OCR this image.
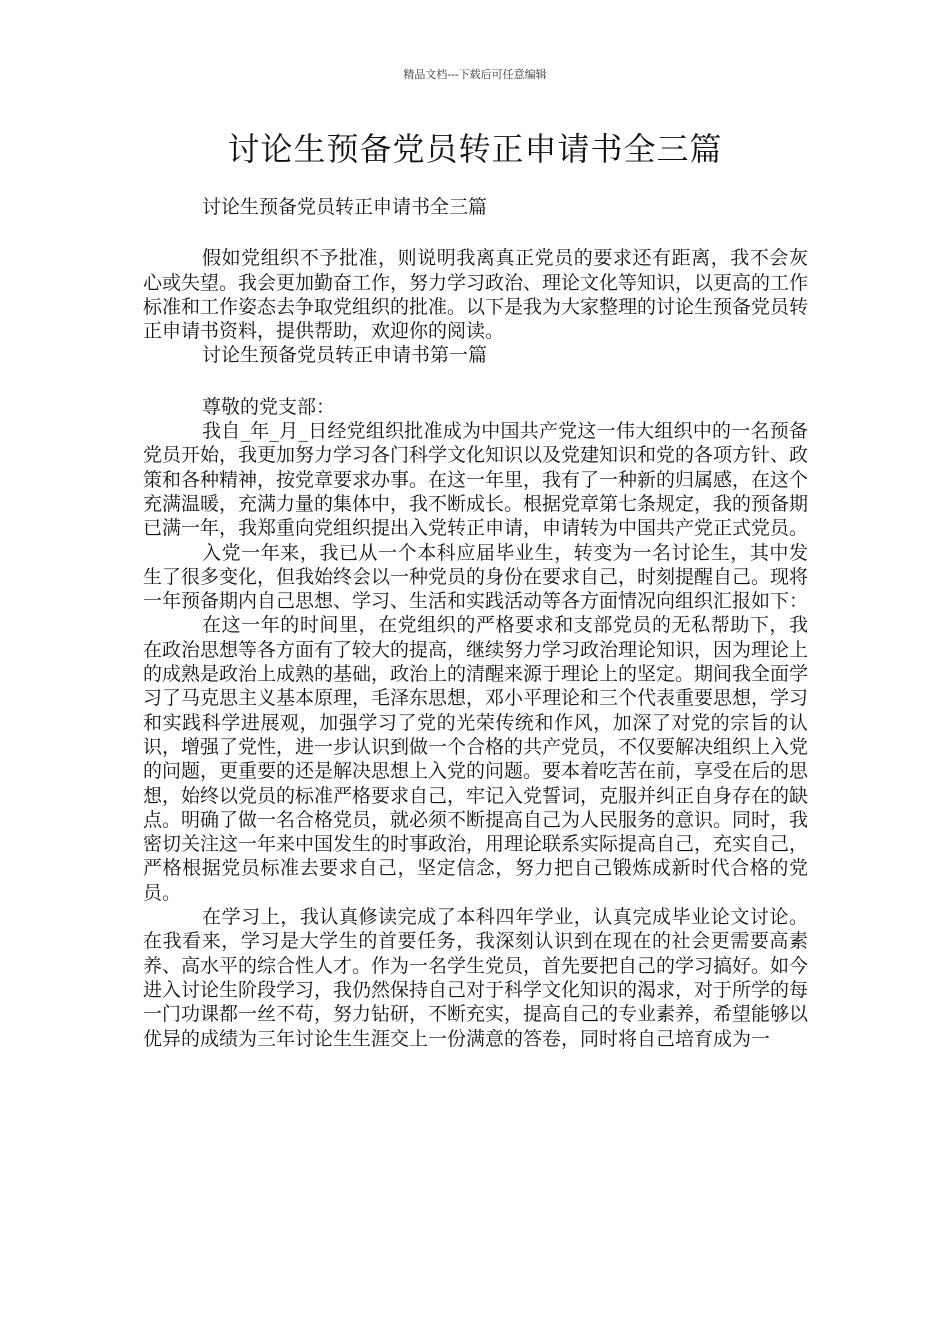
精品文档---下载后可任意编辑
讨论生预备党员转正申请书全三篇

讨论生预备党员转正申请书全三篇

假如党组织不予批准，则说明我离真正党员的要求还有距离，我不会灰心或失望。我会更加勤奋工作，努力学习政治、理论文化等知识，以更高的工作标准和工作姿态去争取党组织的批准。以下是我为大家整理的讨论生预备党员转正申请书资料，提供帮助，欢迎你的阅读。

讨论生预备党员转正申请书第一篇

尊敬的党支部：

我自_年_月_日经党组织批准成为中国共产党这一伟大组织中的一名预备党员开始，我更加努力学习各门科学文化知识以及党建知识和党的各项方针、政策和各种精神，按党章要求办事。在这一年里，我有了一种新的归属感，在这个充满温暖，充满力量的集体中，我不断成长。根据党章第七条规定，我的预备期已满一年，我郑重向党组织提出入党转正申请，申请转为中国共产党正式党员。

入党一年来，我已从一个本科应届毕业生，转变为一名讨论生，其中发生了很多变化，但我始终会以一种党员的身份在要求自己，时刻提醒自己。现将一年预备期内自己思想、学习、生活和实践活动等各方面情况向组织汇报如下：

在这一年的时间里，在党组织的严格要求和支部党员的无私帮助下，我在政治思想等各方面有了较大的提高，继续努力学习政治理论知识，因为理论上的成熟是政治上成熟的基础，政治上的清醒来源于理论上的坚定。期间我全面学习了马克思主义基本原理，毛泽东思想，邓小平理论和三个代表重要思想，学习和实践科学进展观，加强学习了党的光荣传统和作风，加深了对党的宗旨的认识，增强了党性，进一步认识到做一个合格的共产党员，不仅要解决组织上入党的问题，更重要的还是解决思想上入党的问题。要本着吃苦在前，享受在后的思想，始终以党员的标准严格要求自己，牢记入党誓词，克服并纠正自身存在的缺点。明确了做一名合格党员，就必须不断提高自己为人民服务的意识。同时，我密切关注这一年来中国发生的时事政治，用理论联系实际提高自己，充实自己，严格根据党员标准去要求自己，坚定信念，努力把自己锻炼成新时代合格的党员。

在学习上，我认真修读完成了本科四年学业，认真完成毕业论文讨论。在我看来，学习是大学生的首要任务，我深刻认识到在现在的社会更需要高素养、高水平的综合性人才。作为一名学生党员，首先要把自己的学习搞好。如今进入讨论生阶段学习，我仍然保持自己对于科学文化知识的渴求，对于所学的每一门功课都一丝不苟，努力钻研，不断充实，提高自己的专业素养，希望能够以优异的成绩为三年讨论生生涯交上一份满意的答卷，同时将自己培育成为一
